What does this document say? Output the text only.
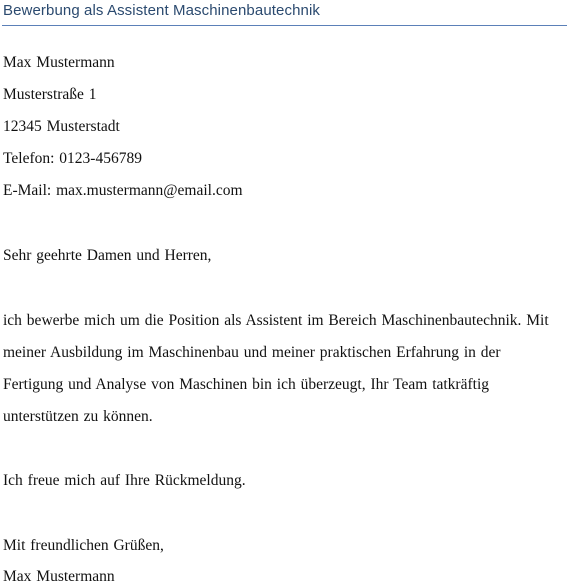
Bewerbung als Assistent Maschinenbautechnik
Max Mustermann
Musterstraße 1
12345 Musterstadt
Telefon: 0123-456789
E-Mail: max.mustermann@email.com
Sehr geehrte Damen und Herren,
ich bewerbe mich um die Position als Assistent im Bereich Maschinenbautechnik. Mit
meiner Ausbildung im Maschinenbau und meiner praktischen Erfahrung in der
Fertigung und Analyse von Maschinen bin ich überzeugt, Ihr Team tatkräftig
unterstützen zu können.
Ich freue mich auf Ihre Rückmeldung.
Mit freundlichen Grüßen,
Max Mustermann
